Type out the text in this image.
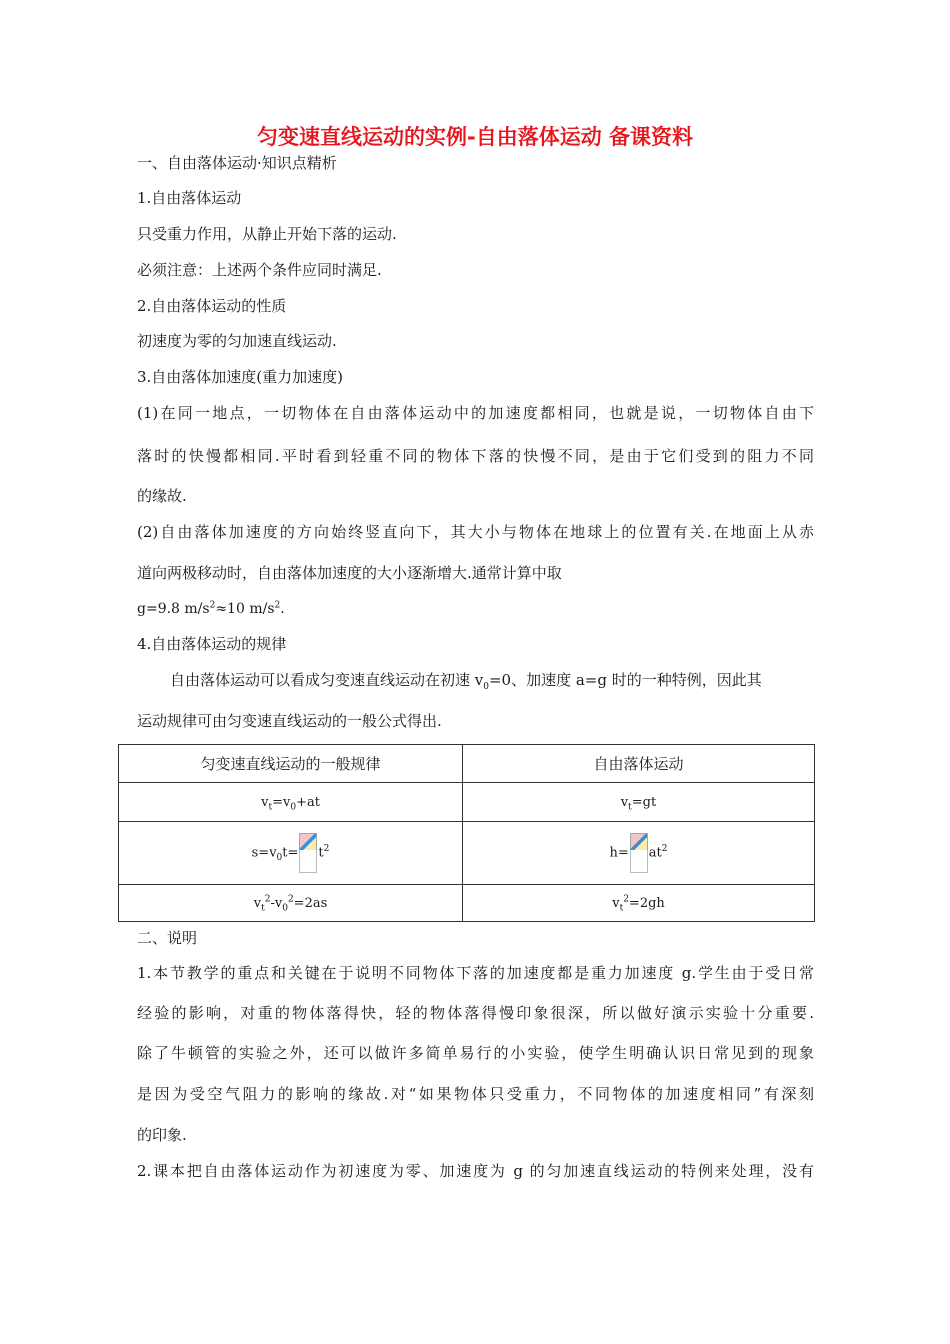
匀变速直线运动的实例-自由落体运动 备课资料
一、自由落体运动·知识点精析
1.自由落体运动
只受重力作用，从静止开始下落的运动.
必须注意：上述两个条件应同时满足.
2.自由落体运动的性质
初速度为零的匀加速直线运动.
3.自由落体加速度(重力加速度)
(1)在同一地点，一切物体在自由落体运动中的加速度都相同，也就是说，一切物体自由下
落时的快慢都相同.平时看到轻重不同的物体下落的快慢不同，是由于它们受到的阻力不同
的缘故.
(2)自由落体加速度的方向始终竖直向下，其大小与物体在地球上的位置有关.在地面上从赤
道向两极移动时，自由落体加速度的大小逐渐增大.通常计算中取
g=9.8 $m/s^2\approx 10$ $m/s^2$.
4.自由落体运动的规律
自由落体运动可以看成匀变速直线运动在初速 $v_0=0$、加速度 a=g 时的一种特例，因此其
运动规律可由匀变速直线运动的一般公式得出.
匀变速直线运动的一般规律	自由落体运动
$v_t=v_0+at$	$v_t=gt$
$s=v_0t= t^2$	$h= at^2$
$v_t^2-v_0^2=2as$	$v_t^2=2gh$
二、说明
1.本节教学的重点和关键在于说明不同物体下落的加速度都是重力加速度 g.学生由于受日常
经验的影响，对重的物体落得快，轻的物体落得慢印象很深，所以做好演示实验十分重要.
除了牛顿管的实验之外，还可以做许多简单易行的小实验，使学生明确认识日常见到的现象
是因为受空气阻力的影响的缘故.对“如果物体只受重力，不同物体的加速度相同”有深刻
的印象.
2.课本把自由落体运动作为初速度为零、加速度为 g 的匀加速直线运动的特例来处理，没有
